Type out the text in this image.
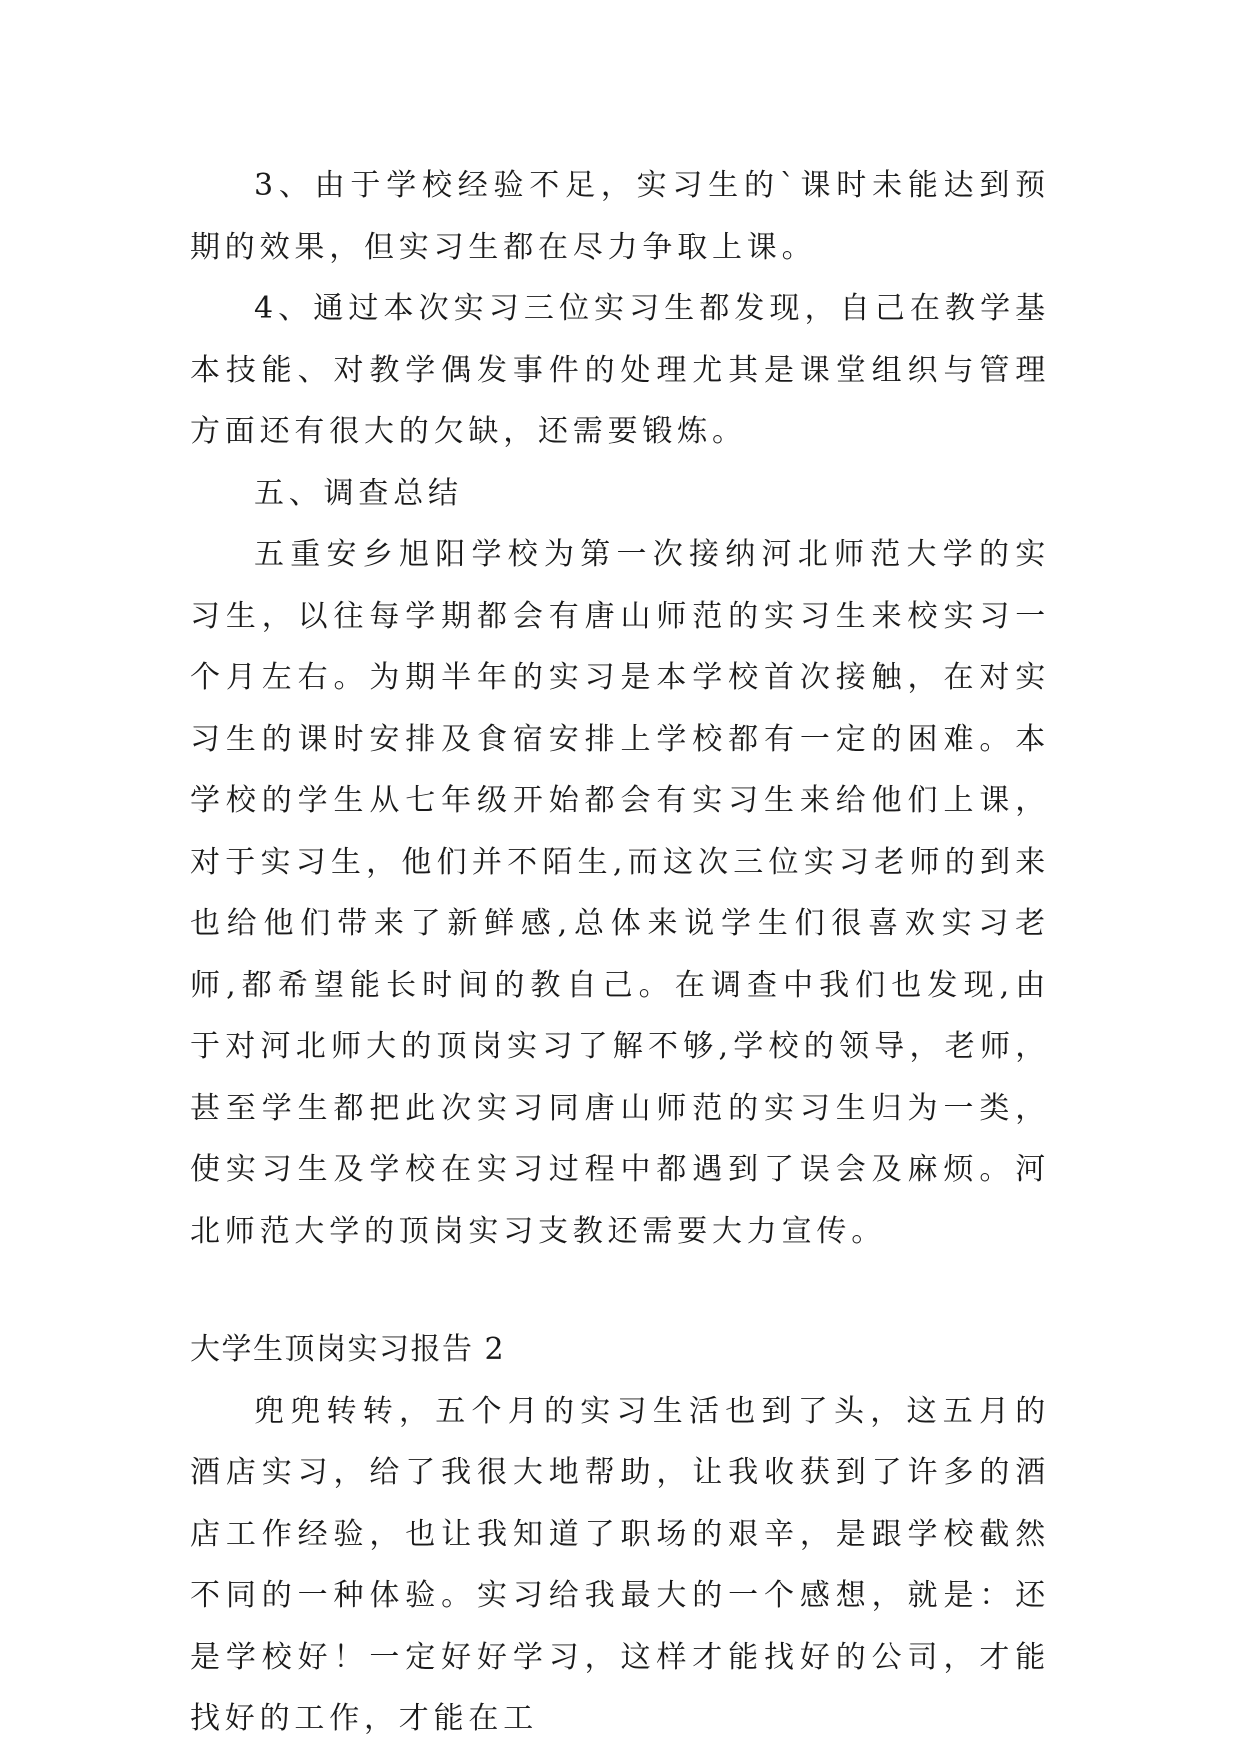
3、由于学校经验不足，实习生的`课时未能达到预期的效果，但实习生都在尽力争取上课。

4、通过本次实习三位实习生都发现，自己在教学基本技能、对教学偶发事件的处理尤其是课堂组织与管理方面还有很大的欠缺，还需要锻炼。

五、调查总结

五重安乡旭阳学校为第一次接纳河北师范大学的实习生，以往每学期都会有唐山师范的实习生来校实习一个月左右。为期半年的实习是本学校首次接触，在对实习生的课时安排及食宿安排上学校都有一定的困难。本学校的学生从七年级开始都会有实习生来给他们上课，对于实习生，他们并不陌生,而这次三位实习老师的到来也给他们带来了新鲜感,总体来说学生们很喜欢实习老师,都希望能长时间的教自己。在调查中我们也发现,由于对河北师大的顶岗实习了解不够,学校的领导，老师，甚至学生都把此次实习同唐山师范的实习生归为一类，使实习生及学校在实习过程中都遇到了误会及麻烦。河北师范大学的顶岗实习支教还需要大力宣传。

大学生顶岗实习报告 2

兜兜转转，五个月的实习生活也到了头，这五月的酒店实习，给了我很大地帮助，让我收获到了许多的酒店工作经验，也让我知道了职场的艰辛，是跟学校截然不同的一种体验。实习给我最大的一个感想，就是：还是学校好！一定好好学习，这样才能找好的公司，才能找好的工作，才能在工
